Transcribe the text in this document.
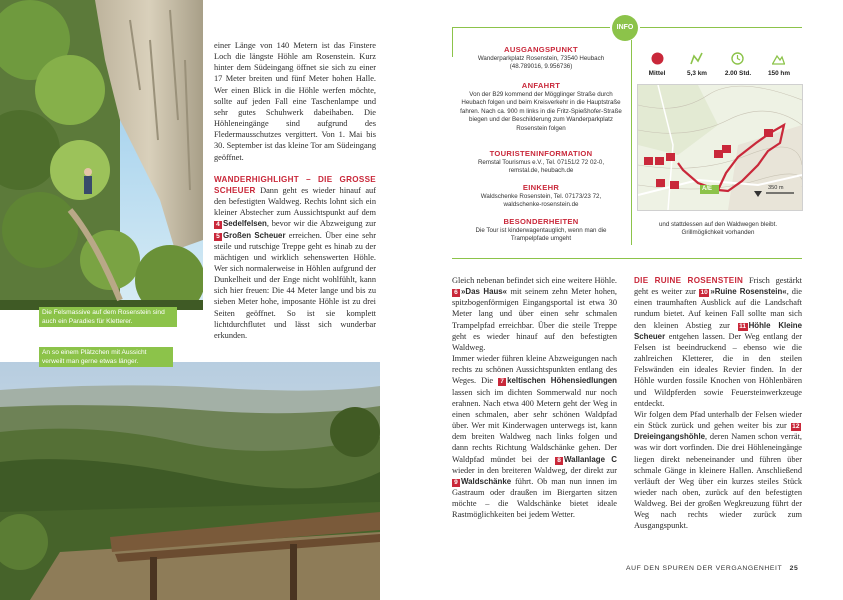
Die Felsmassive auf dem Rosenstein sind auch ein Paradies für Kletterer.
An so einem Plätzchen mit Aussicht verweilt man gerne etwas länger.

einer Länge von 140 Metern ist das Finstere Loch die längste Höhle am Rosenstein. Kurz hinter dem Südeingang öffnet sie sich zu einer 17 Meter breiten und fünf Meter hohen Halle. Wer einen Blick in die Höhle werfen möchte, sollte auf jeden Fall eine Taschenlampe und sehr gutes Schuhwerk dabeihaben. Die Höhleneingänge sind aufgrund des Fledermausschutzes vergittert. Von 1. Mai bis 30. September ist das kleine Tor am Südeingang geöffnet.

WANDERHIGHLIGHT – DIE GROSSE SCHEUER Dann geht es wieder hinauf auf den befestigten Waldweg. Rechts lohnt sich ein kleiner Abstecher zum Aussichtspunkt auf dem 4 Sedelfelsen, bevor wir die Abzweigung zur 5 Großen Scheuer erreichen. Über eine sehr steile und rutschige Treppe geht es hinab zu der mächtigen und wirklich sehenswerten Höhle. Wer sich normalerweise in Höhlen aufgrund der Dunkelheit und der Enge nicht wohlfühlt, kann sich hier freuen: Die 44 Meter lange und bis zu sieben Meter hohe, imposante Höhle ist zu drei Seiten geöffnet. So ist sie komplett lichtdurchflutet und lässt sich wunderbar erkunden.

INFO
AUSGANGSPUNKT
Wanderparkplatz Rosenstein, 73540 Heubach (48.789016, 9.956736)
ANFAHRT
Von der B29 kommend der Mögglinger Straße durch Heubach folgen und beim Kreisverkehr in die Hauptstraße fahren. Nach ca. 900 m links in die Fritz-Spießhofer-Straße biegen und der Beschilderung zum Wanderparkplatz Rosenstein folgen
TOURISTENINFORMATION
Remstal Tourismus e.V., Tel. 07151/2 72 02-0, remstal.de, heubach.de
EINKEHR
Waldschenke Rosenstein, Tel. 07173/23 72, waldschenke-rosenstein.de
BESONDERHEITEN
Die Tour ist kinderwagentauglich, wenn man die Trampelpfade umgeht
Mittel	5,3 km	2.00 Std.	150 hm
A/E	350 m
und stattdessen auf den Waldwegen bleibt. Grillmöglichkeit vorhanden

Gleich nebenan befindet sich eine weitere Höhle. 6 »Das Haus« mit seinem zehn Meter hohen, spitzbogenförmigen Eingangsportal ist etwa 30 Meter lang und über einen sehr schmalen Trampelpfad erreichbar. Über die steile Treppe geht es wieder hinauf auf den befestigten Waldweg.

Immer wieder führen kleine Abzweigungen nach rechts zu schönen Aussichtspunkten entlang des Weges. Die 7 keltischen Höhensiedlungen lassen sich im dichten Sommerwald nur noch erahnen. Nach etwa 400 Metern geht der Weg in einen schmalen, aber sehr schönen Waldpfad über. Wer mit Kinderwagen unterwegs ist, kann dem breiten Waldweg nach links folgen und dann rechts Richtung Waldschänke gehen. Der Waldpfad mündet bei der 8 Wallanlage C wieder in den breiteren Waldweg, der direkt zur 9 Waldschänke führt. Ob man nun innen im Gastraum oder draußen im Biergarten sitzen möchte – die Waldschänke bietet ideale Rastmöglichkeiten bei jedem Wetter.

DIE RUINE ROSENSTEIN Frisch gestärkt geht es weiter zur 10 »Ruine Rosenstein«, die einen traumhaften Ausblick auf die Landschaft rundum bietet. Auf keinen Fall sollte man sich den kleinen Abstieg zur 11 Höhle Kleine Scheuer entgehen lassen. Der Weg entlang der Felsen ist beeindruckend – ebenso wie die zahlreichen Kletterer, die in den steilen Felswänden ein ideales Revier finden. In der Höhle wurden fossile Knochen von Höhlenbären und Wildpferden sowie Feuersteinwerkzeuge entdeckt.

Wir folgen dem Pfad unterhalb der Felsen wieder ein Stück zurück und gehen weiter bis zur 12Dreieingangshöhle, deren Namen schon verrät, was wir dort vorfinden. Die drei Höhleneingänge liegen direkt nebeneinander und führen über schmale Gänge in kleinere Hallen. Anschließend verläuft der Weg über ein kurzes steiles Stück wieder nach oben, zurück auf den befestigten Waldweg. Bei der großen Wegkreuzung führt der Weg nach rechts wieder zurück zum Ausgangspunkt.

AUF DEN SPUREN DER VERGANGENHEIT 25
